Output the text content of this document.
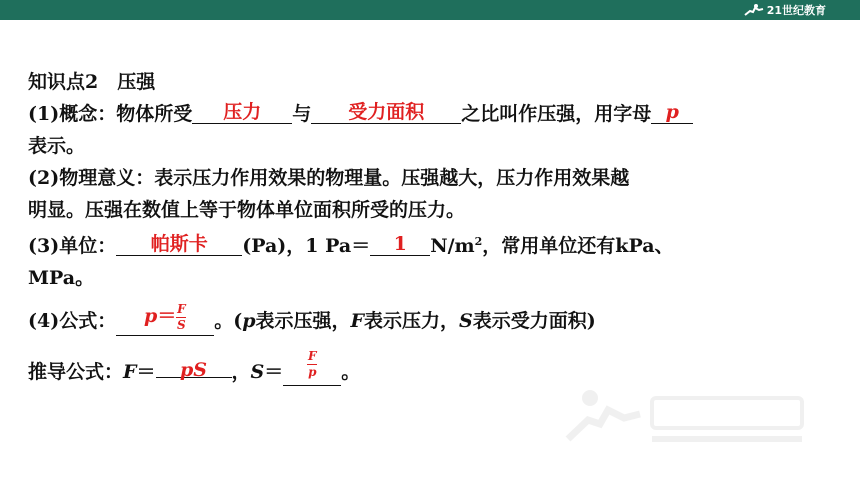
21世纪教育
知识点2　压强
(1)概念：物体所受 压力 与 受力面积 之比叫作压强，用字母 p
表示。
(2)物理意义：表示压力作用效果的物理量。压强越大，压力作用效果越
明显。压强在数值上等于物体单位面积所受的压力。
(3)单位： 帕斯卡 (Pa)，1 Pa＝ 1 $N/m^2$，常用单位还有kPa、
MPa。
(4)公式： $p= \frac{F}{S}$ 。(p表示压强，F表示压力，S表示受力面积)
推导公式：F＝ pS ，$S= \frac{F}{p}$ 。
